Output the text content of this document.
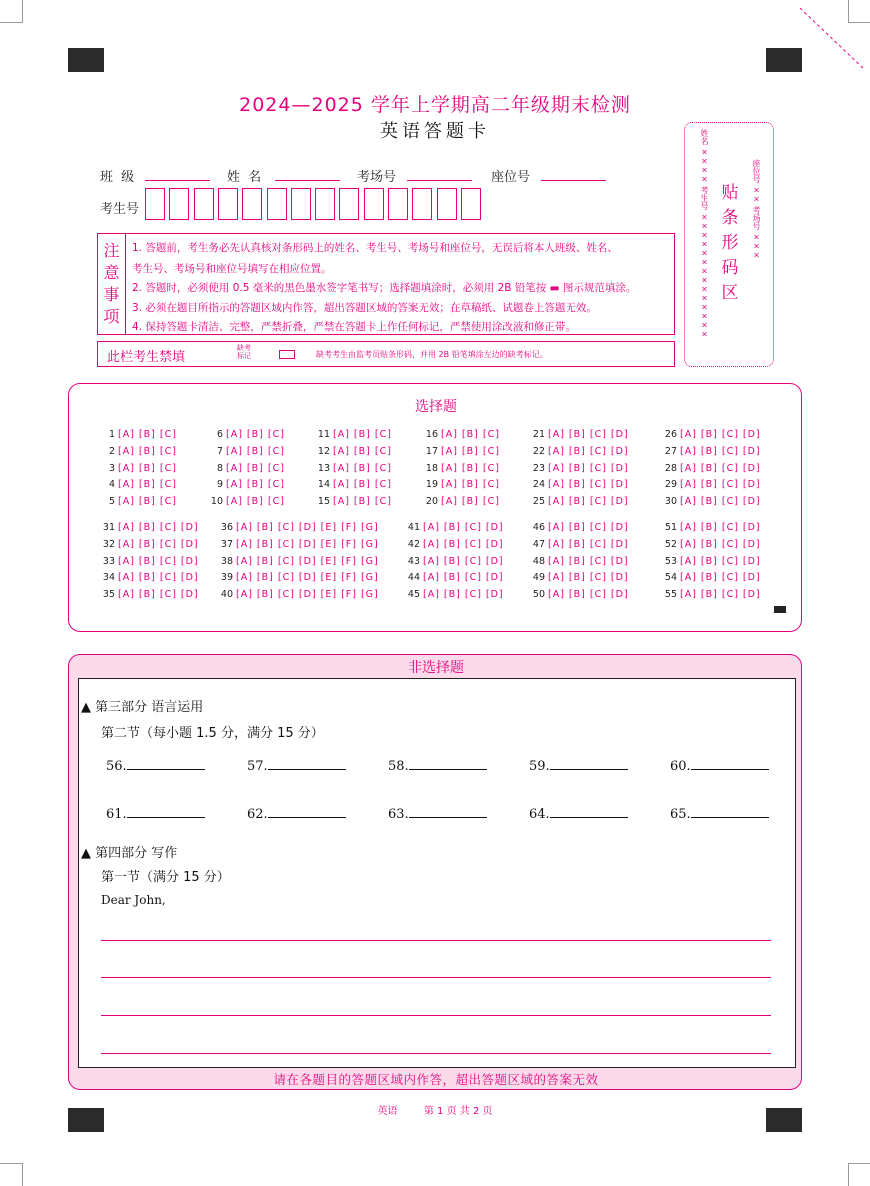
2024—2025 学年上学期高二年级期末检测
英语答题卡
班 级	姓 名	考场号	座位号
考生号
注
意
事
项
1. 答题前，考生务必先认真核对条形码上的姓名、考生号、考场号和座位号，无误后将本人班级、姓名、
考生号、考场号和座位号填写在相应位置。
2. 答题时，必须使用 0.5 毫米的黑色墨水签字笔书写；选择题填涂时，必须用 2B 铅笔按 ▬ 图示规范填涂。
3. 必须在题目所指示的答题区域内作答，超出答题区域的答案无效；在草稿纸、试题卷上答题无效。
4. 保持答题卡清洁、完整，严禁折叠，严禁在答题卡上作任何标记，严禁使用涂改液和修正带。
此栏考生禁填
缺考标记	缺考考生由监考员贴条形码，并用 2B 铅笔填涂左边的缺考标记。
姓名 ×××× 考生号 ×××××××××××××× 贴条形码区
座位号 ×× 考场号 ×××
选择题
1 [A] [B] [C]
2 [A] [B] [C]
3 [A] [B] [C]
4 [A] [B] [C]
5 [A] [B] [C]
6 [A] [B] [C]
7 [A] [B] [C]
8 [A] [B] [C]
9 [A] [B] [C]
10 [A] [B] [C]
11 [A] [B] [C]
12 [A] [B] [C]
13 [A] [B] [C]
14 [A] [B] [C]
15 [A] [B] [C]
16 [A] [B] [C]
17 [A] [B] [C]
18 [A] [B] [C]
19 [A] [B] [C]
20 [A] [B] [C]
21 [A] [B] [C] [D]
22 [A] [B] [C] [D]
23 [A] [B] [C] [D]
24 [A] [B] [C] [D]
25 [A] [B] [C] [D]
26 [A] [B] [C] [D]
27 [A] [B] [C] [D]
28 [A] [B] [C] [D]
29 [A] [B] [C] [D]
30 [A] [B] [C] [D]
31 [A] [B] [C] [D]
32 [A] [B] [C] [D]
33 [A] [B] [C] [D]
34 [A] [B] [C] [D]
35 [A] [B] [C] [D]
36 [A] [B] [C] [D] [E] [F] [G]
37 [A] [B] [C] [D] [E] [F] [G]
38 [A] [B] [C] [D] [E] [F] [G]
39 [A] [B] [C] [D] [E] [F] [G]
40 [A] [B] [C] [D] [E] [F] [G]
41 [A] [B] [C] [D]
42 [A] [B] [C] [D]
43 [A] [B] [C] [D]
44 [A] [B] [C] [D]
45 [A] [B] [C] [D]
46 [A] [B] [C] [D]
47 [A] [B] [C] [D]
48 [A] [B] [C] [D]
49 [A] [B] [C] [D]
50 [A] [B] [C] [D]
51 [A] [B] [C] [D]
52 [A] [B] [C] [D]
53 [A] [B] [C] [D]
54 [A] [B] [C] [D]
55 [A] [B] [C] [D]
非选择题
▲ 第三部分 语言运用
第二节（每小题 1.5 分，满分 15 分）
56.	57.	58.	59.	60.
61.	62.	63.	64.	65.
▲ 第四部分 写作
第一节（满分 15 分）
Dear John,
请在各题目的答题区域内作答，超出答题区域的答案无效
英语	第 1 页 共 2 页
